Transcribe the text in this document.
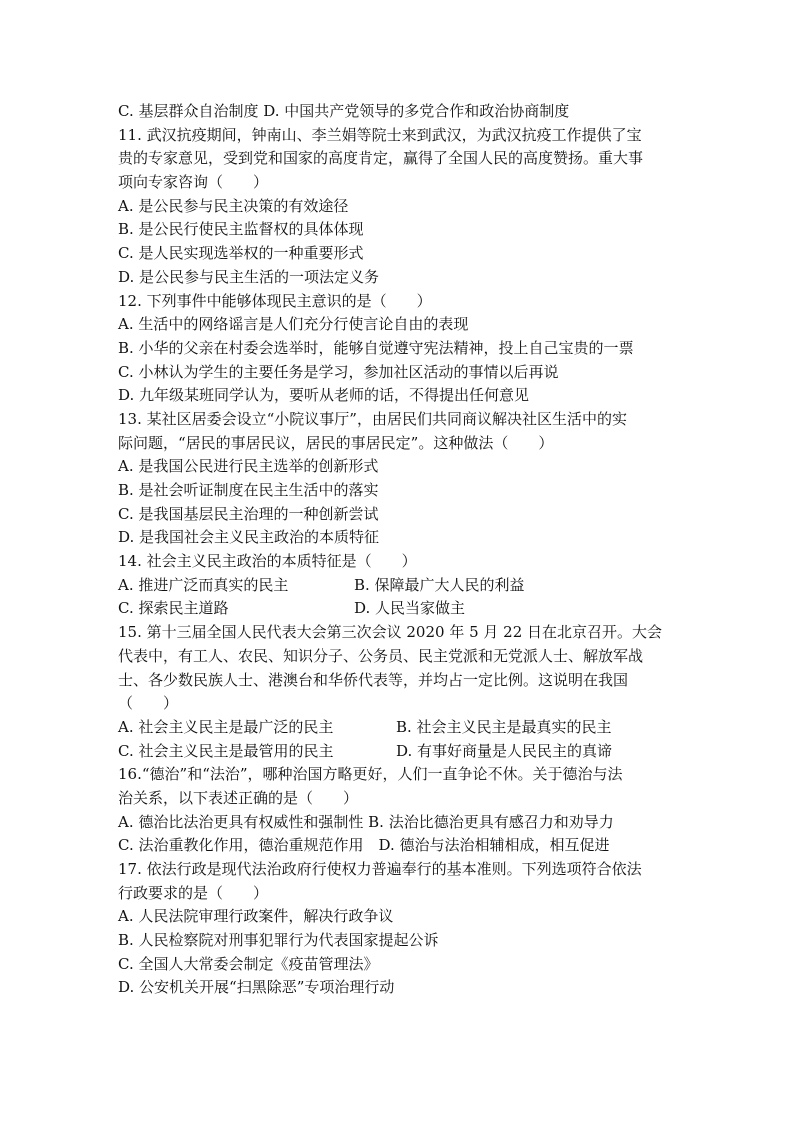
C. 基层群众自治制度 D. 中国共产党领导的多党合作和政治协商制度
11. 武汉抗疫期间，钟南山、李兰娟等院士来到武汉，为武汉抗疫工作提供了宝
贵的专家意见，受到党和国家的高度肯定，赢得了全国人民的高度赞扬。重大事
项向专家咨询（　　）
A. 是公民参与民主决策的有效途径
B. 是公民行使民主监督权的具体体现
C. 是人民实现选举权的一种重要形式
D. 是公民参与民主生活的一项法定义务
12. 下列事件中能够体现民主意识的是（　　）
A. 生活中的网络谣言是人们充分行使言论自由的表现
B. 小华的父亲在村委会选举时，能够自觉遵守宪法精神，投上自己宝贵的一票
C. 小林认为学生的主要任务是学习，参加社区活动的事情以后再说
D. 九年级某班同学认为，要听从老师的话，不得提出任何意见
13. 某社区居委会设立“小院议事厅”，由居民们共同商议解决社区生活中的实
际问题，“居民的事居民议，居民的事居民定”。这种做法（　　）
A. 是我国公民进行民主选举的创新形式
B. 是社会听证制度在民主生活中的落实
C. 是我国基层民主治理的一种创新尝试
D. 是我国社会主义民主政治的本质特征
14. 社会主义民主政治的本质特征是（　　）
A. 推进广泛而真实的民主	B. 保障最广大人民的利益
C. 探索民主道路	D. 人民当家做主
15. 第十三届全国人民代表大会第三次会议 2020 年 5 月 22 日在北京召开。大会
代表中，有工人、农民、知识分子、公务员、民主党派和无党派人士、解放军战
士、各少数民族人士、港澳台和华侨代表等，并均占一定比例。这说明在我国
（　　）
A. 社会主义民主是最广泛的民主	B. 社会主义民主是最真实的民主
C. 社会主义民主是最管用的民主	D. 有事好商量是人民民主的真谛
16.“德治”和“法治”，哪种治国方略更好，人们一直争论不休。关于德治与法
治关系，以下表述正确的是（　　）
A. 德治比法治更具有权威性和强制性 B. 法治比德治更具有感召力和劝导力
C. 法治重教化作用，德治重规范作用　D. 德治与法治相辅相成，相互促进
17. 依法行政是现代法治政府行使权力普遍奉行的基本准则。下列选项符合依法
行政要求的是（　　）
A. 人民法院审理行政案件，解决行政争议
B. 人民检察院对刑事犯罪行为代表国家提起公诉
C. 全国人大常委会制定《疫苗管理法》
D. 公安机关开展“扫黑除恶”专项治理行动
